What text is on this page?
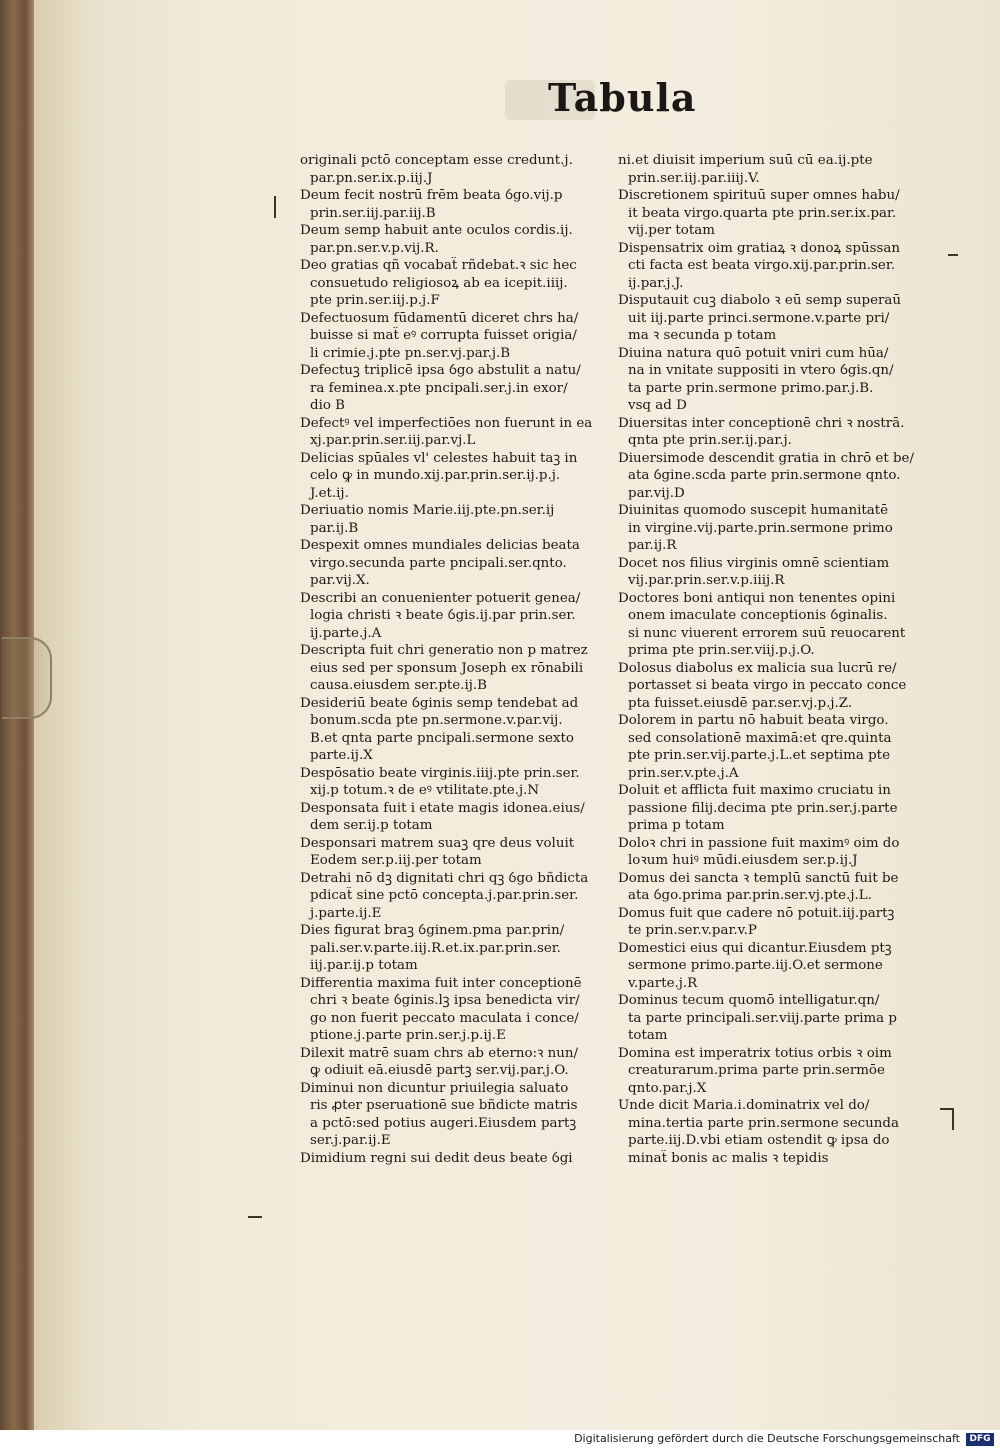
Tabula
originali pctō conceptam esse credunt.j.
par.pn.ser.ix.p.iij.J
Deum fecit nostrū frēm beata ỽgo.vij.p
prin.ser.iij.par.iij.B
Deum semp habuit ante oculos cordis.ij.
par.pn.ser.v.p.vij.R.
Deo gratias qñ vocabaẗ rñdebat.ꝛ sic hec
consuetudo religiosoꝝ ab ea icepit.iiij.
pte prin.ser.iij.p.j.F
Defectuosum fūdamentū diceret chrs ha/
buisse si maẗ eꝰ corrupta fuisset origia/
li crimie.j.pte pn.ser.vj.par.j.B
Defectuꝫ triplicē ipsa ỽgo abstulit a natu/
ra feminea.x.pte pncipali.ser.j.in exor/
dio B
Defectꝰ vel imperfectiōes non fuerunt in ea
xj.par.prin.ser.iij.par.vj.L
Delicias spūales vl' celestes habuit taꝫ in
celo ꝙ in mundo.xij.par.prin.ser.ij.p.j.
J.et.ij.
Deriuatio nomis Marie.iij.pte.pn.ser.ij
par.ij.B
Despexit omnes mundiales delicias beata
virgo.secunda parte pncipali.ser.qnto.
par.vij.X.
Describi an conuenienter potuerit genea/
logia christi ꝛ beate ỽgis.ij.par prin.ser.
ij.parte.j.A
Descripta fuit chri generatio non p matrez
eius sed per sponsum Joseph ex rōnabili
causa.eiusdem ser.pte.ij.B
Desideriū beate ỽginis semp tendebat ad
bonum.scda pte pn.sermone.v.par.vij.
B.et qnta parte pncipali.sermone sexto
parte.ij.X
Despōsatio beate virginis.iiij.pte prin.ser.
xij.p totum.ꝛ de eꝰ vtilitate.pte.j.N
Desponsata fuit i etate magis idonea.eius/
dem ser.ij.p totam
Desponsari matrem suaꝫ qre deus voluit
Eodem ser.p.iij.per totam
Detrahi nō dꝫ dignitati chri qꝫ ỽgo bñdicta
pdicaẗ sine pctō concepta.j.par.prin.ser.
j.parte.ij.E
Dies figurat braꝫ ỽginem.pma par.prin/
pali.ser.v.parte.iij.R.et.ix.par.prin.ser.
iij.par.ij.p totam
Differentia maxima fuit inter conceptionē
chri ꝛ beate ỽginis.lꝫ ipsa benedicta vir/
go non fuerit peccato maculata i conce/
ptione.j.parte prin.ser.j.p.ij.E
Dilexit matrē suam chrs ab eterno:ꝛ nun/
ꝙ odiuit eā.eiusdē partꝫ ser.vij.par.j.O.
Diminui non dicuntur priuilegia saluato
ris ꝓter pseruationē sue bñdicte matris
a pctō:sed potius augeri.Eiusdem partꝫ
ser.j.par.ij.E
Dimidium regni sui dedit deus beate ỽgi
ni.et diuisit imperium suū cū ea.ij.pte
prin.ser.iij.par.iiij.V.
Discretionem spirituū super omnes habu/
it beata virgo.quarta pte prin.ser.ix.par.
vij.per totam
Dispensatrix oim gratiaꝝ ꝛ donoꝝ spūssan
cti facta est beata virgo.xij.par.prin.ser.
ij.par.j.J.
Disputauit cuꝫ diabolo ꝛ eū semp superaū
uit iij.parte princi.sermone.v.parte pri/
ma ꝛ secunda p totam
Diuina natura quō potuit vniri cum hūa/
na in vnitate suppositi in vtero ỽgis.qn/
ta parte prin.sermone primo.par.j.B.
vsq ad D
Diuersitas inter conceptionē chri ꝛ nostrā.
qnta pte prin.ser.ij.par.j.
Diuersimode descendit gratia in chrō et be/
ata ỽgine.scda parte prin.sermone qnto.
par.vij.D
Diuinitas quomodo suscepit humanitatē
in virgine.vij.parte.prin.sermone primo
par.ij.R
Docet nos filius virginis omnē scientiam
vij.par.prin.ser.v.p.iiij.R
Doctores boni antiqui non tenentes opini
onem imaculate conceptionis ỽginalis.
si nunc viuerent errorem suū reuocarent
prima pte prin.ser.viij.p.j.O.
Dolosus diabolus ex malicia sua lucrū re/
portasset si beata virgo in peccato conce
pta fuisset.eiusdē par.ser.vj.p.j.Z.
Dolorem in partu nō habuit beata virgo.
sed consolationē maximā:et qre.quinta
pte prin.ser.vij.parte.j.L.et septima pte
prin.ser.v.pte.j.A
Doluit et afflicta fuit maximo cruciatu in
passione filij.decima pte prin.ser.j.parte
prima p totam
Doloꝛ chri in passione fuit maximꝰ oim do
loꝛum huiꝰ mūdi.eiusdem ser.p.ij.J
Domus dei sancta ꝛ templū sanctū fuit be
ata ỽgo.prima par.prin.ser.vj.pte.j.L.
Domus fuit que cadere nō potuit.iij.partꝫ
te prin.ser.v.par.v.P
Domestici eius qui dicantur.Eiusdem ptꝫ
sermone primo.parte.iij.O.et sermone
v.parte.j.R
Dominus tecum quomō intelligatur.qn/
ta parte principali.ser.viij.parte prima p
totam
Domina est imperatrix totius orbis ꝛ oim
creaturarum.prima parte prin.sermōe
qnto.par.j.X
Unde dicit Maria.i.dominatrix vel do/
mina.tertia parte prin.sermone secunda
parte.iij.D.vbi etiam ostendit ꝙ ipsa do
minaẗ bonis ac malis ꝛ tepidis
Digitalisierung gefördert durch die Deutsche Forschungsgemeinschaft	DFG
